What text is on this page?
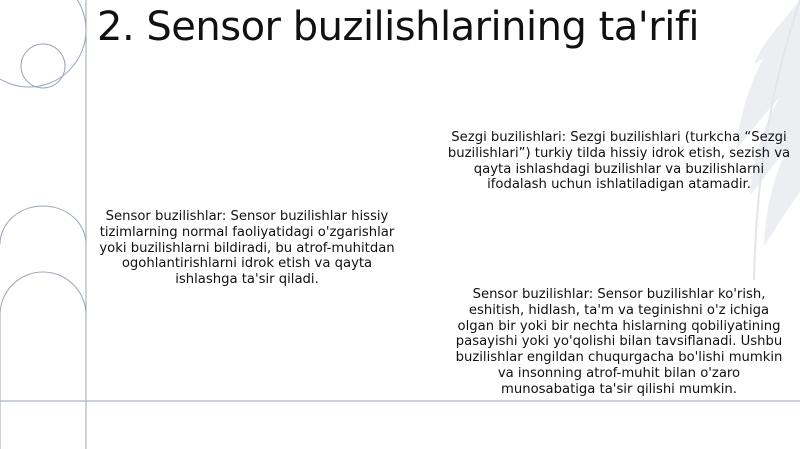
2. Sensor buzilishlarining ta'rifi

Sensor buzilishlar: Sensor buzilishlar hissiy tizimlarning normal faoliyatidagi o'zgarishlar yoki buzilishlarni bildiradi, bu atrof-muhitdan ogohlantirishlarni idrok etish va qayta ishlashga ta'sir qiladi.

Sezgi buzilishlari: Sezgi buzilishlari (turkcha “Sezgi buzilishlari”) turkiy tilda hissiy idrok etish, sezish va qayta ishlashdagi buzilishlar va buzilishlarni ifodalash uchun ishlatiladigan atamadir.

Sensor buzilishlar: Sensor buzilishlar ko'rish, eshitish, hidlash, ta'm va teginishni o'z ichiga olgan bir yoki bir nechta hislarning qobiliyatining pasayishi yoki yo'qolishi bilan tavsiflanadi. Ushbu buzilishlar engildan chuqurgacha bo'lishi mumkin va insonning atrof-muhit bilan o'zaro munosabatiga ta'sir qilishi mumkin.
